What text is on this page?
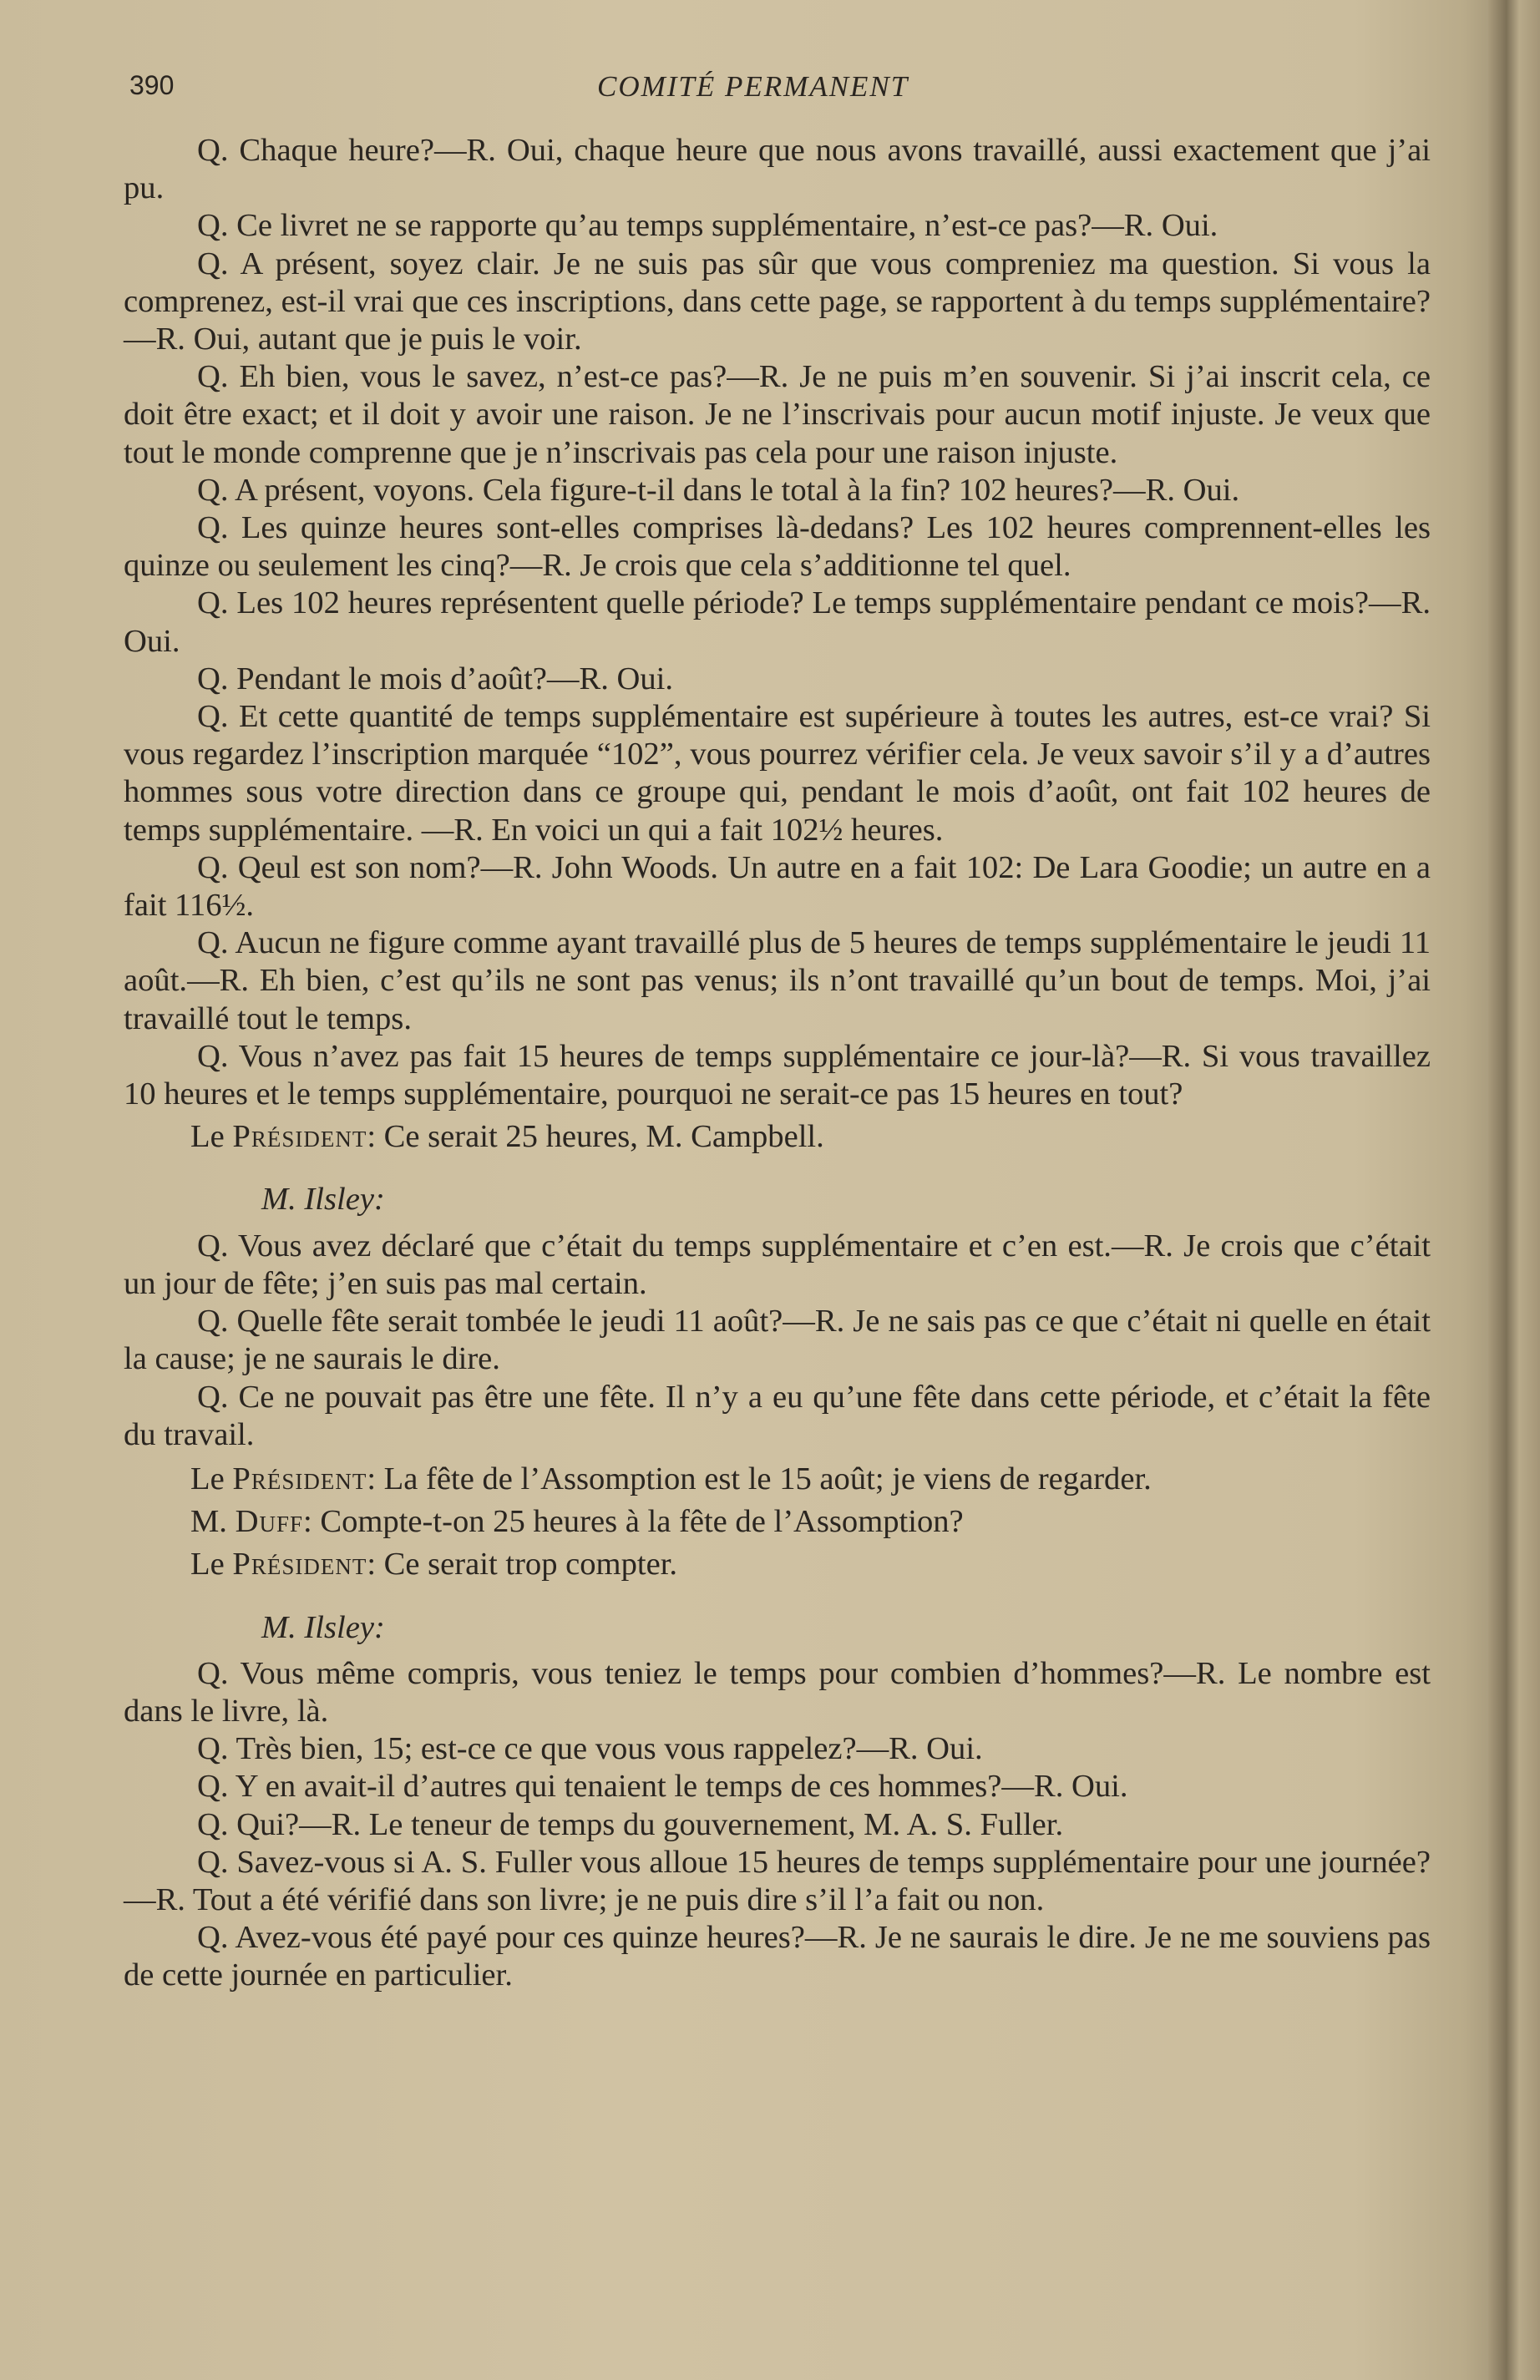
390	COMITÉ PERMANENT

Q. Chaque heure?—R. Oui, chaque heure que nous avons travaillé, aussi exactement que j’ai pu.

Q. Ce livret ne se rapporte qu’au temps supplémentaire, n’est-ce pas?—R. Oui.

Q. A présent, soyez clair. Je ne suis pas sûr que vous compreniez ma question. Si vous la comprenez, est-il vrai que ces inscriptions, dans cette page, se rapportent à du temps supplémentaire?—R. Oui, autant que je puis le voir.

Q. Eh bien, vous le savez, n’est-ce pas?—R. Je ne puis m’en souvenir. Si j’ai inscrit cela, ce doit être exact; et il doit y avoir une raison. Je ne l’inscrivais pour aucun motif injuste. Je veux que tout le monde comprenne que je n’inscrivais pas cela pour une raison injuste.

Q. A présent, voyons. Cela figure-t-il dans le total à la fin? 102 heures?—R. Oui.

Q. Les quinze heures sont-elles comprises là-dedans? Les 102 heures comprennent-elles les quinze ou seulement les cinq?—R. Je crois que cela s’additionne tel quel.

Q. Les 102 heures représentent quelle période? Le temps supplémentaire pendant ce mois?—R. Oui.

Q. Pendant le mois d’août?—R. Oui.

Q. Et cette quantité de temps supplémentaire est supérieure à toutes les autres, est-ce vrai? Si vous regardez l’inscription marquée “102”, vous pourrez vérifier cela. Je veux savoir s’il y a d’autres hommes sous votre direction dans ce groupe qui, pendant le mois d’août, ont fait 102 heures de temps supplémentaire. —R. En voici un qui a fait 102½ heures.

Q. Qeul est son nom?—R. John Woods. Un autre en a fait 102: De Lara Goodie; un autre en a fait 116½.

Q. Aucun ne figure comme ayant travaillé plus de 5 heures de temps supplémentaire le jeudi 11 août.—R. Eh bien, c’est qu’ils ne sont pas venus; ils n’ont travaillé qu’un bout de temps. Moi, j’ai travaillé tout le temps.

Q. Vous n’avez pas fait 15 heures de temps supplémentaire ce jour-là?—R. Si vous travaillez 10 heures et le temps supplémentaire, pourquoi ne serait-ce pas 15 heures en tout?

Le Président: Ce serait 25 heures, M. Campbell.

M. Ilsley:

Q. Vous avez déclaré que c’était du temps supplémentaire et c’en est.—R. Je crois que c’était un jour de fête; j’en suis pas mal certain.

Q. Quelle fête serait tombée le jeudi 11 août?—R. Je ne sais pas ce que c’était ni quelle en était la cause; je ne saurais le dire.

Q. Ce ne pouvait pas être une fête. Il n’y a eu qu’une fête dans cette période, et c’était la fête du travail.

Le Président: La fête de l’Assomption est le 15 août; je viens de regarder.

M. Duff: Compte-t-on 25 heures à la fête de l’Assomption?

Le Président: Ce serait trop compter.

M. Ilsley:

Q. Vous même compris, vous teniez le temps pour combien d’hommes?—R. Le nombre est dans le livre, là.

Q. Très bien, 15; est-ce ce que vous vous rappelez?—R. Oui.

Q. Y en avait-il d’autres qui tenaient le temps de ces hommes?—R. Oui.

Q. Qui?—R. Le teneur de temps du gouvernement, M. A. S. Fuller.

Q. Savez-vous si A. S. Fuller vous alloue 15 heures de temps supplémentaire pour une journée?—R. Tout a été vérifié dans son livre; je ne puis dire s’il l’a fait ou non.

Q. Avez-vous été payé pour ces quinze heures?—R. Je ne saurais le dire. Je ne me souviens pas de cette journée en particulier.
